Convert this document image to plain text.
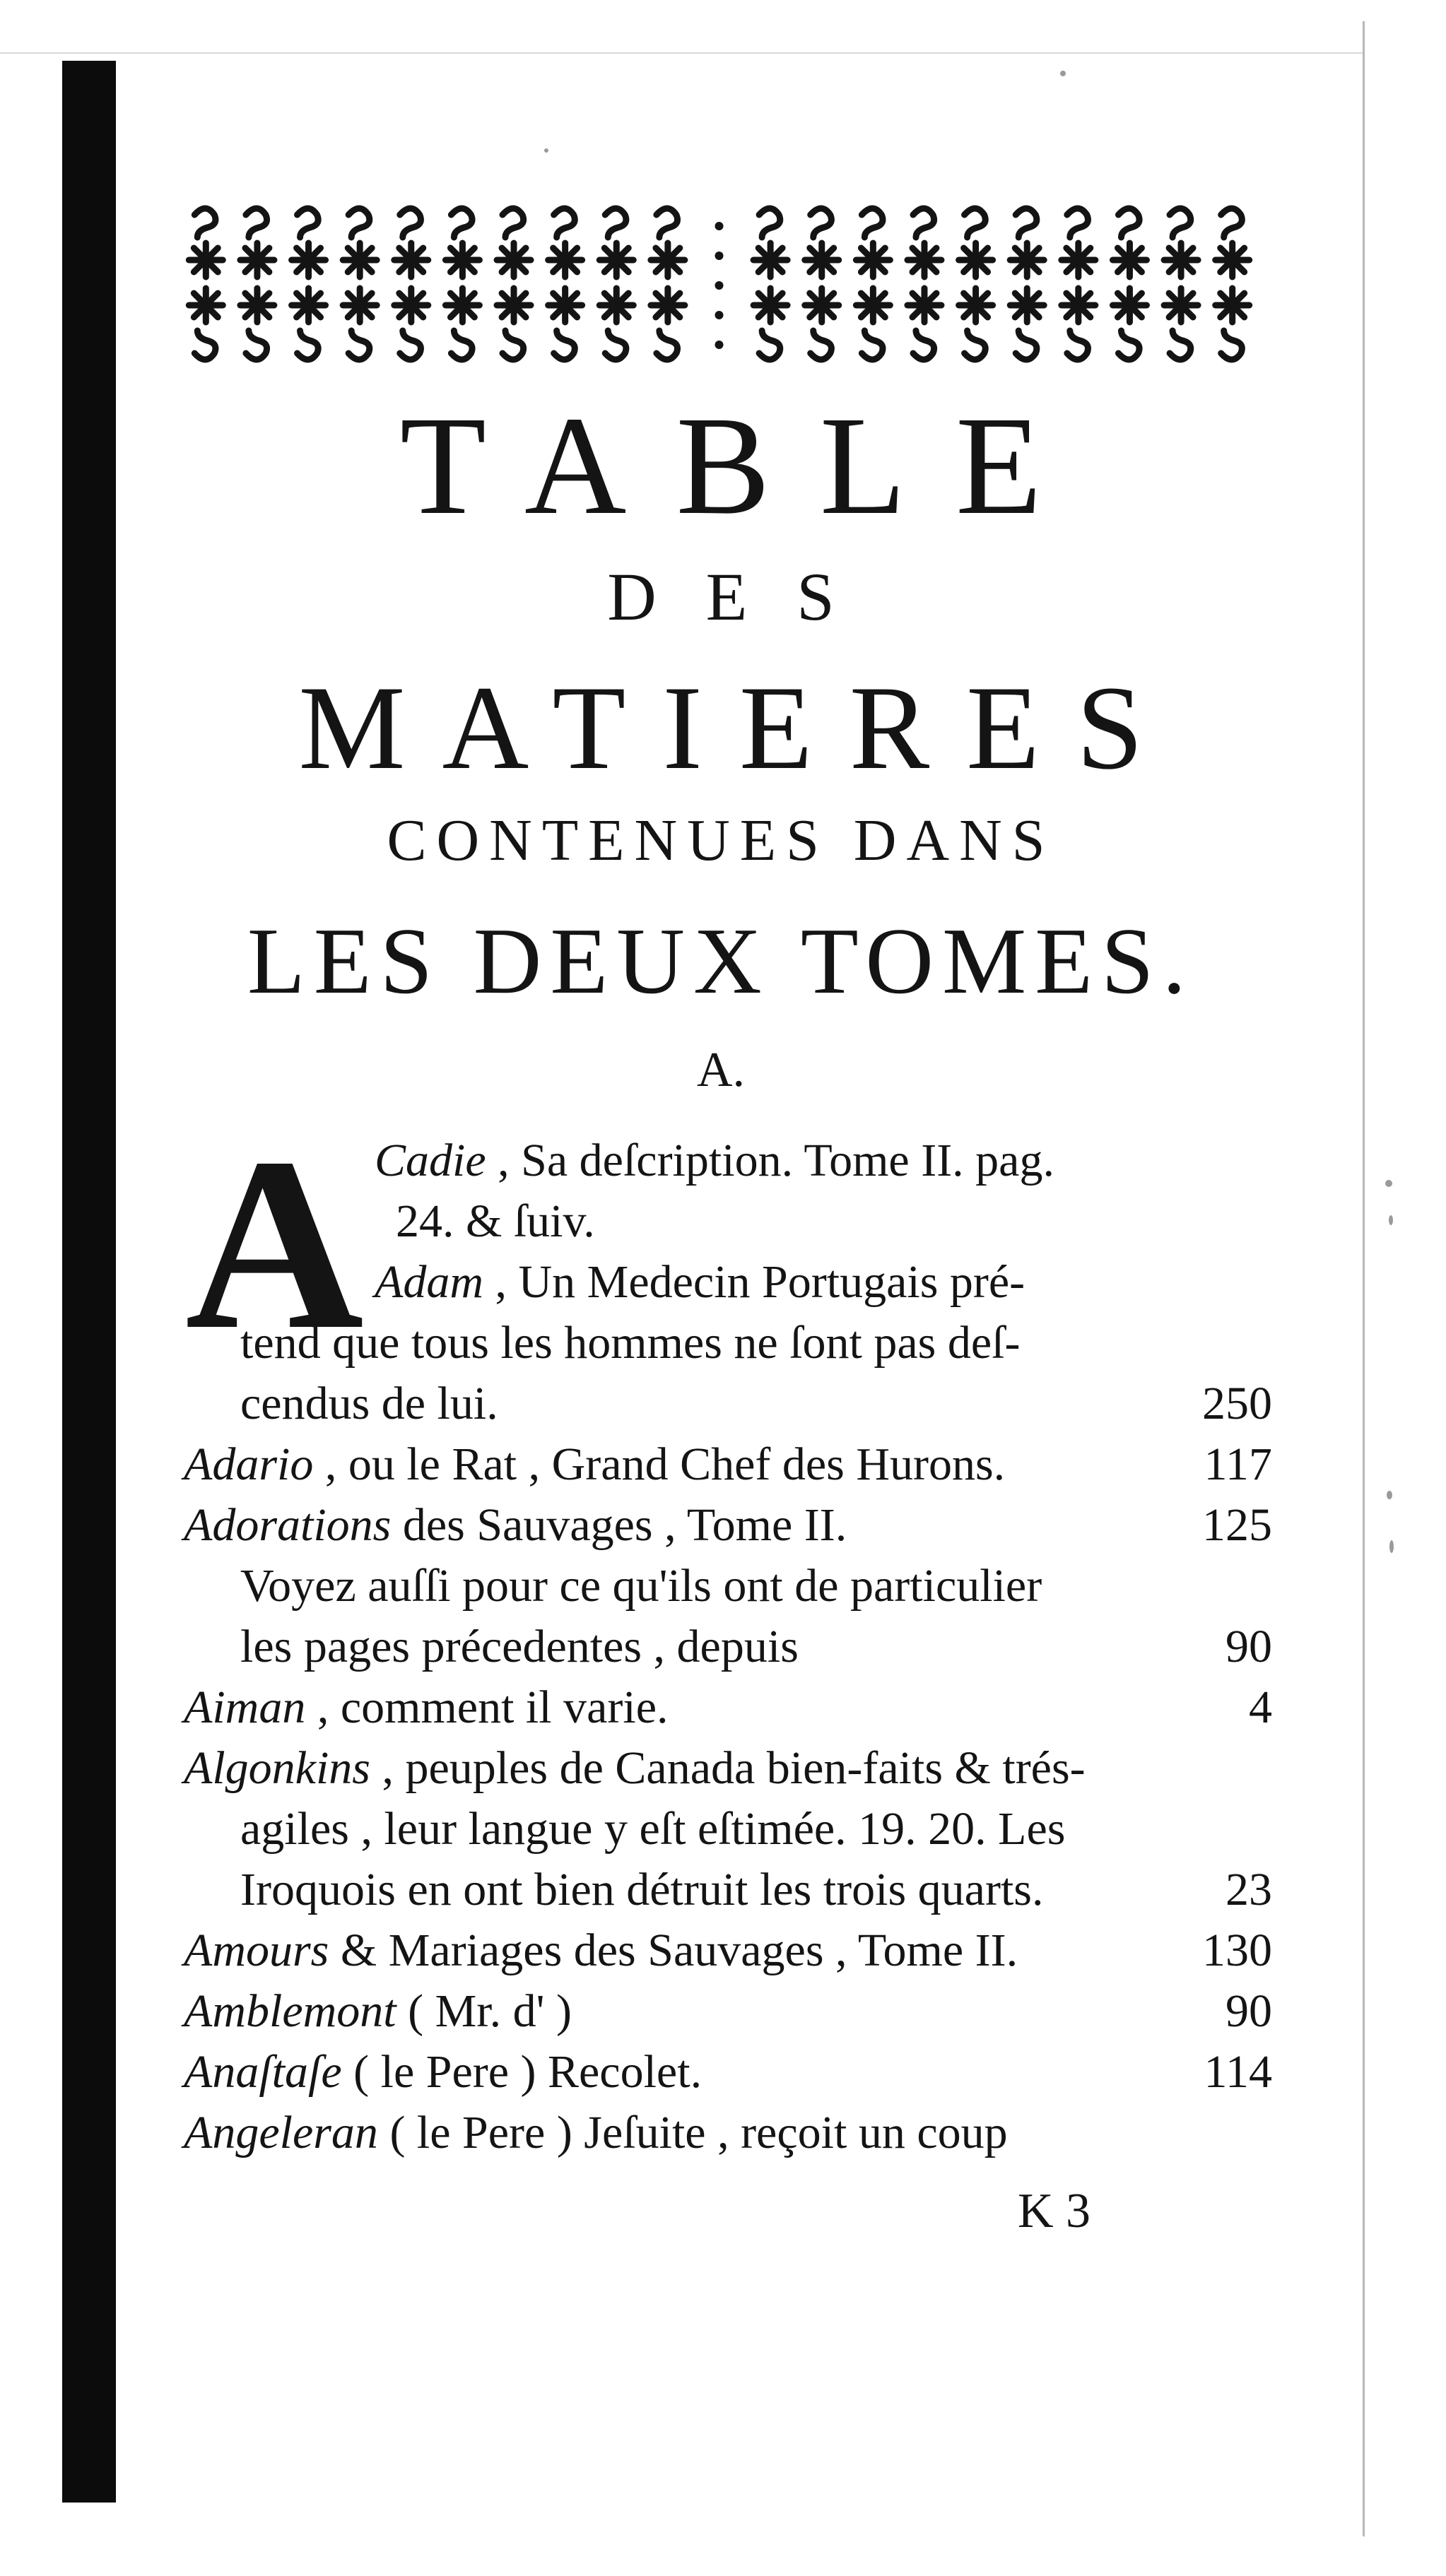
TABLE
DES
MATIERES
CONTENUES DANS
LES DEUX TOMES.
A.
A Cadie , Sa deſcription. Tome II. pag.
24. & ſuiv.
Adam , Un Medecin Portugais pré-
tend que tous les hommes ne ſont pas deſ-
cendus de lui.	250
Adario , ou le Rat , Grand Chef des Hurons.	117
Adorations des Sauvages , Tome II.	125
Voyez auſſi pour ce qu'ils ont de particulier
les pages précedentes , depuis	90
Aiman , comment il varie.	4
Algonkins , peuples de Canada bien-faits & trés-
agiles , leur langue y eſt eſtimée. 19. 20. Les
Iroquois en ont bien détruit les trois quarts.	23
Amours & Mariages des Sauvages , Tome II.	130
Amblemont ( Mr. d' )	90
Anaſtaſe ( le Pere ) Recolet.	114
Angeleran ( le Pere ) Jeſuite , reçoit un coup
K 3
